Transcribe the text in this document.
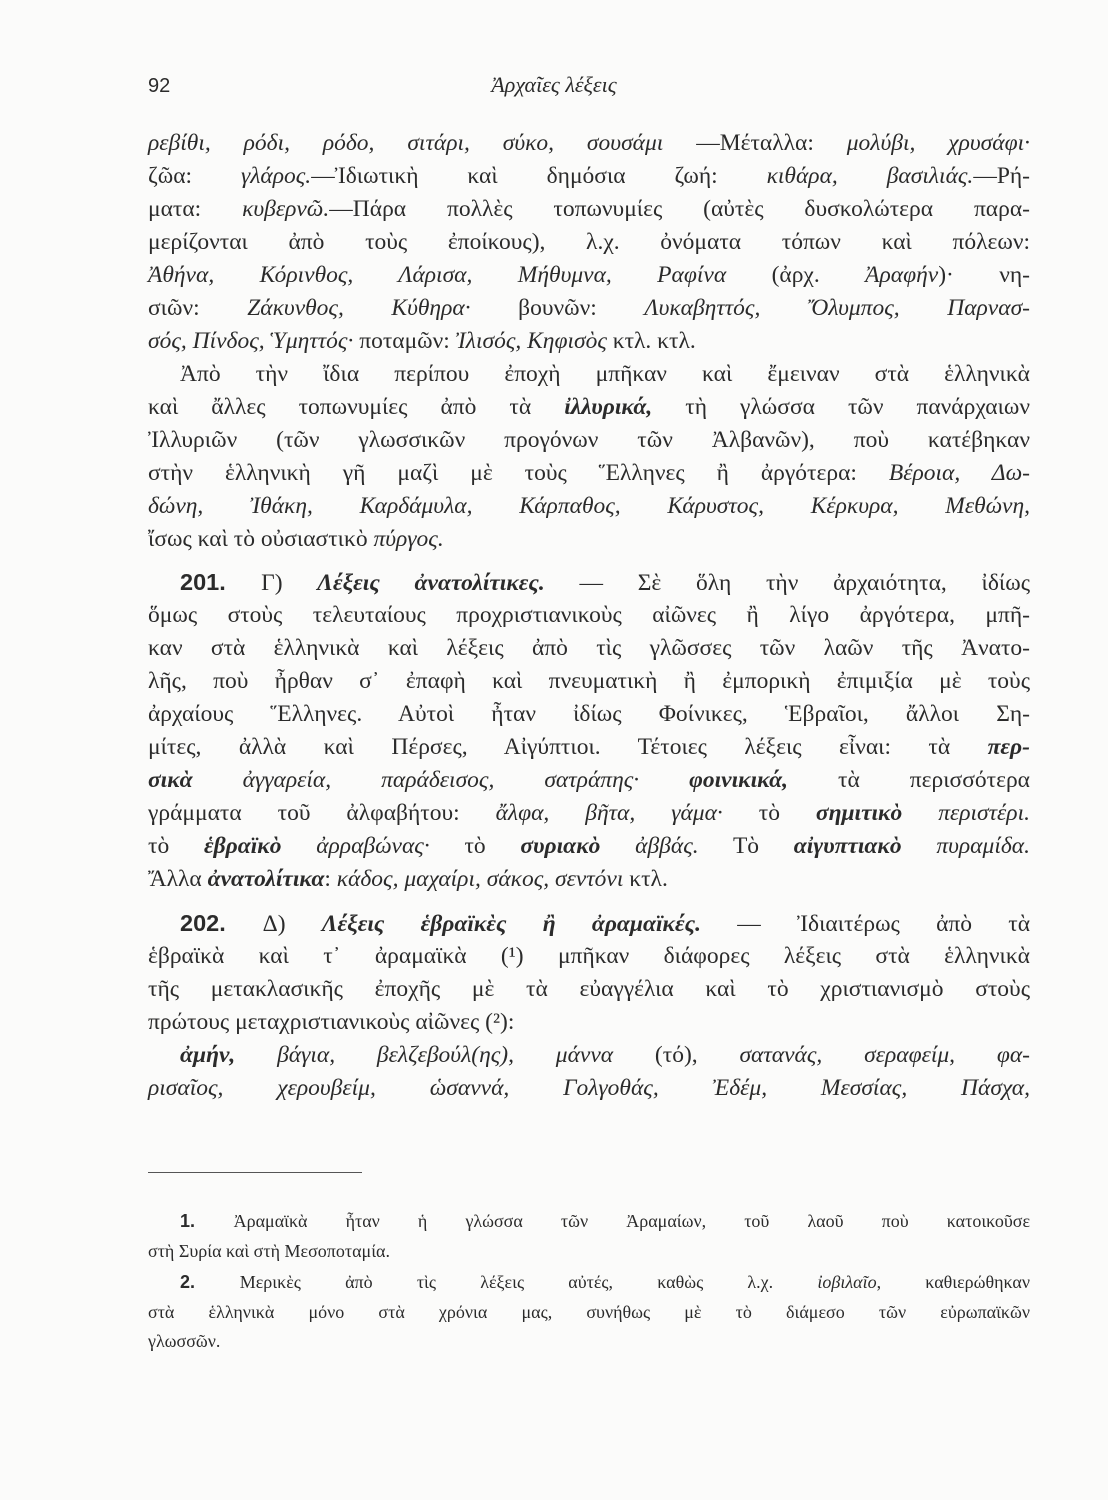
92	Ἀρχαῖες λέξεις
ρεβίθι, ρόδι, ρόδο, σιτάρι, σύκο, σουσάμι —Μέταλλα: μολύβι, χρυσάφι·
ζῶα: γλάρος.—Ἰδιωτικὴ καὶ δημόσια ζωή: κιθάρα, βασιλιάς.—Ρή-
ματα: κυβερνῶ.—Πάρα πολλὲς τοπωνυμίες (αὐτὲς δυσκολώτερα παρα-
μερίζονται ἀπὸ τοὺς ἐποίκους), λ.χ. ὀνόματα τόπων καὶ πόλεων:
Ἀθήνα, Κόρινθος, Λάρισα, Μήθυμνα, Ραφίνα (ἀρχ. Ἀραφήν)· νη-
σιῶν: Ζάκυνθος, Κύθηρα· βουνῶν: Λυκαβηττός, Ὄλυμπος, Παρνασ-
σός, Πίνδος, Ὑμηττός· ποταμῶν: Ἰλισός, Κηφισὸς κτλ. κτλ.
Ἀπὸ τὴν ἴδια περίπου ἐποχὴ μπῆκαν καὶ ἔμειναν στὰ ἑλληνικὰ
καὶ ἄλλες τοπωνυμίες ἀπὸ τὰ ἰλλυρικά, τὴ γλώσσα τῶν πανάρχαιων
Ἰλλυριῶν (τῶν γλωσσικῶν προγόνων τῶν Ἀλβανῶν), ποὺ κατέβηκαν
στὴν ἑλληνικὴ γῆ μαζὶ μὲ τοὺς Ἕλληνες ἢ ἀργότερα: Βέροια, Δω-
δώνη, Ἰθάκη, Καρδάμυλα, Κάρπαθος, Κάρυστος, Κέρκυρα, Μεθώνη,
ἴσως καὶ τὸ οὐσιαστικὸ πύργος.
201. Γ) Λέξεις ἀνατολίτικες. — Σὲ ὅλη τὴν ἀρχαιότητα, ἰδίως
ὅμως στοὺς τελευταίους προχριστιανικοὺς αἰῶνες ἢ λίγο ἀργότερα, μπῆ-
καν στὰ ἑλληνικὰ καὶ λέξεις ἀπὸ τὶς γλῶσσες τῶν λαῶν τῆς Ἀνατο-
λῆς, ποὺ ἦρθαν σ᾽ ἐπαφὴ καὶ πνευματικὴ ἢ ἐμπορικὴ ἐπιμιξία μὲ τοὺς
ἀρχαίους Ἕλληνες. Αὐτοὶ ἦταν ἰδίως Φοίνικες, Ἑβραῖοι, ἄλλοι Ση-
μίτες, ἀλλὰ καὶ Πέρσες, Αἰγύπτιοι. Τέτοιες λέξεις εἶναι: τὰ περ-
σικὰ ἀγγαρεία, παράδεισος, σατράπης· φοινικικά, τὰ περισσότερα
γράμματα τοῦ ἀλφαβήτου: ἄλφα, βῆτα, γάμα· τὸ σημιτικὸ περιστέρι.
τὸ ἑβραϊκὸ ἀρραβώνας· τὸ συριακὸ ἀββάς. Τὸ αἰγυπτιακὸ πυραμίδα.
Ἄλλα ἀνατολίτικα: κάδος, μαχαίρι, σάκος, σεντόνι κτλ.
202. Δ) Λέξεις ἑβραϊκὲς ἢ ἀραμαϊκές. — Ἰδιαιτέρως ἀπὸ τὰ
ἑβραϊκὰ καὶ τ᾽ ἀραμαϊκὰ (¹) μπῆκαν διάφορες λέξεις στὰ ἑλληνικὰ
τῆς μετακλασικῆς ἐποχῆς μὲ τὰ εὐαγγέλια καὶ τὸ χριστιανισμὸ στοὺς
πρώτους μεταχριστιανικοὺς αἰῶνες (²):
ἀμήν, βάγια, βελζεβούλ(ης), μάννα (τό), σατανάς, σεραφείμ, φα-
ρισαῖος, χερουβείμ, ὡσαννά, Γολγοθάς, Ἐδέμ, Μεσσίας, Πάσχα,
1. Ἀραμαϊκὰ ἦταν ἡ γλώσσα τῶν Ἀραμαίων, τοῦ λαοῦ ποὺ κατοικοῦσε
στὴ Συρία καὶ στὴ Μεσοποταμία.
2. Μερικὲς ἀπὸ τὶς λέξεις αὐτές, καθὼς λ.χ. ἰοβιλαῖο, καθιερώθηκαν
στὰ ἑλληνικὰ μόνο στὰ χρόνια μας, συνήθως μὲ τὸ διάμεσο τῶν εὐρωπαϊκῶν
γλωσσῶν.
